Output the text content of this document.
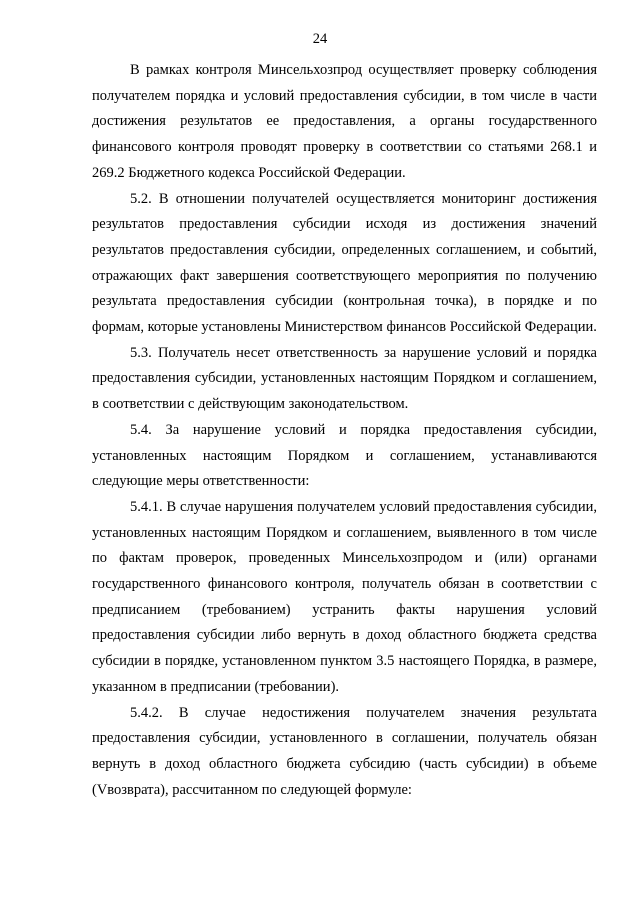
24

В рамках контроля Минсельхозпрод осуществляет проверку соблюдения получателем порядка и условий предоставления субсидии, в том числе в части достижения результатов ее предоставления, а органы государственного финансового контроля проводят проверку в соответствии со статьями 268.1 и 269.2 Бюджетного кодекса Российской Федерации.

5.2. В отношении получателей осуществляется мониторинг достижения результатов предоставления субсидии исходя из достижения значений результатов предоставления субсидии, определенных соглашением, и событий, отражающих факт завершения соответствующего мероприятия по получению результата предоставления субсидии (контрольная точка), в порядке и по формам, которые установлены Министерством финансов Российской Федерации.

5.3. Получатель несет ответственность за нарушение условий и порядка предоставления субсидии, установленных настоящим Порядком и соглашением, в соответствии с действующим законодательством.

5.4. За нарушение условий и порядка предоставления субсидии, установленных настоящим Порядком и соглашением, устанавливаются следующие меры ответственности:

5.4.1. В случае нарушения получателем условий предоставления субсидии, установленных настоящим Порядком и соглашением, выявленного в том числе по фактам проверок, проведенных Минсельхозпродом и (или) органами государственного финансового контроля, получатель обязан в соответствии с предписанием (требованием) устранить факты нарушения условий предоставления субсидии либо вернуть в доход областного бюджета средства субсидии в порядке, установленном пунктом 3.5 настоящего Порядка, в размере, указанном в предписании (требовании).

5.4.2. В случае недостижения получателем значения результата предоставления субсидии, установленного в соглашении, получатель обязан вернуть в доход областного бюджета субсидию (часть субсидии) в объеме (Vвозврата), рассчитанном по следующей формуле:
